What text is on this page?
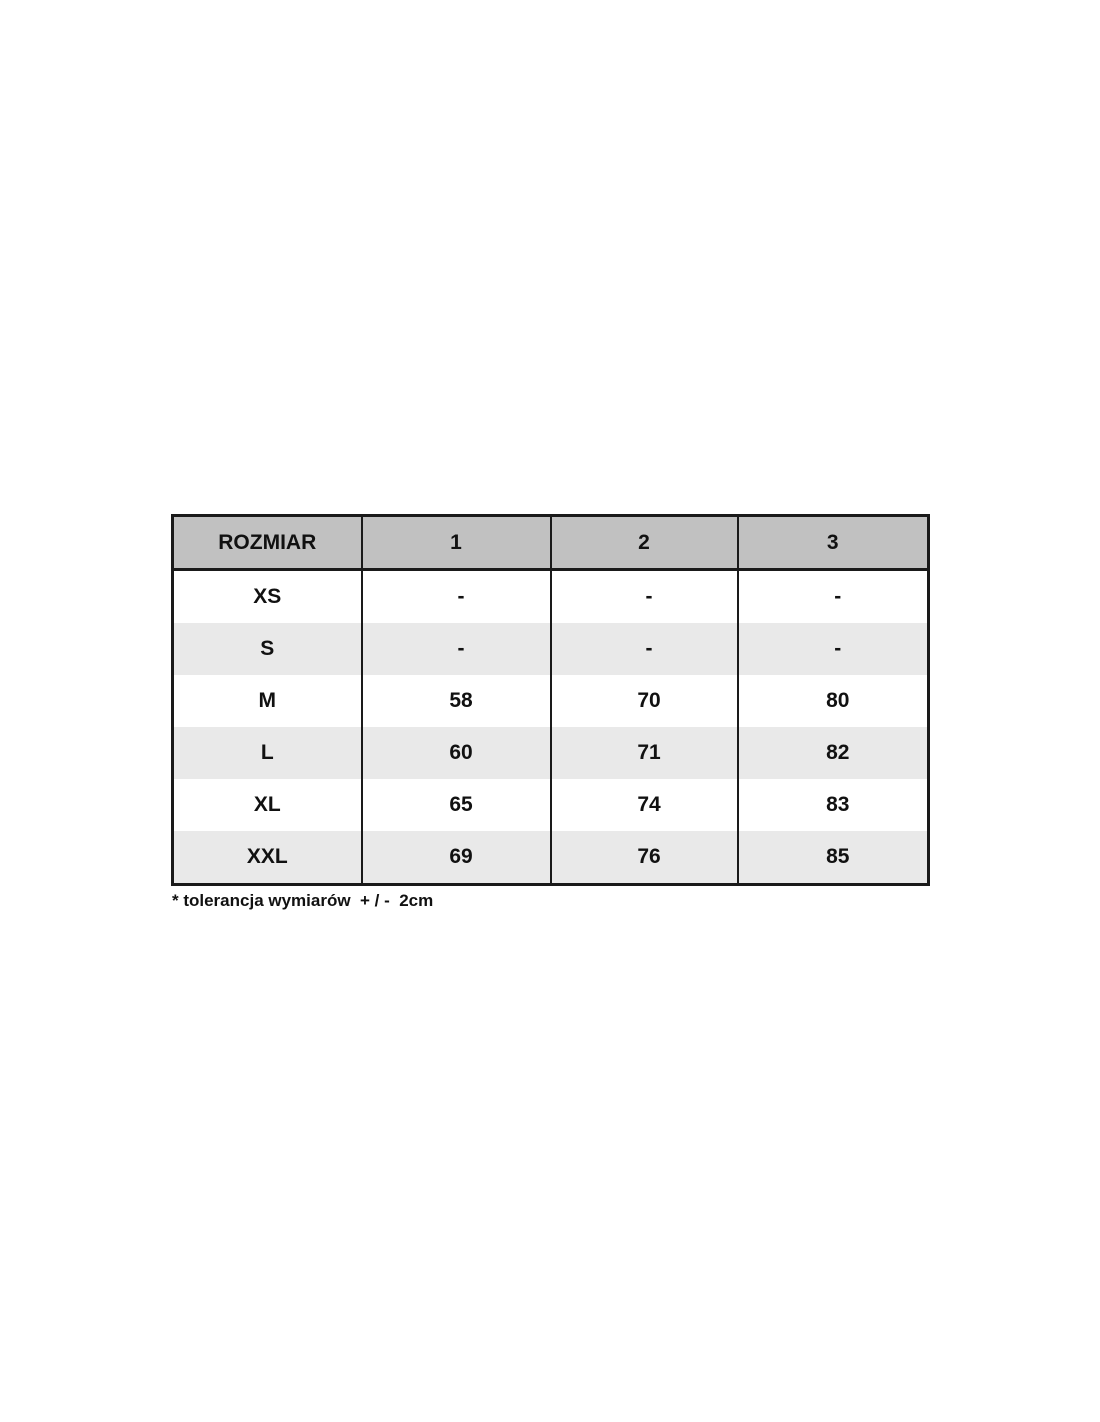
ROZMIAR	1	2	3
XS	-	-	-
S	-	-	-
M	58	70	80
L	60	71	82
XL	65	74	83
XXL	69	76	85
* tolerancja wymiarów  + / -  2cm
